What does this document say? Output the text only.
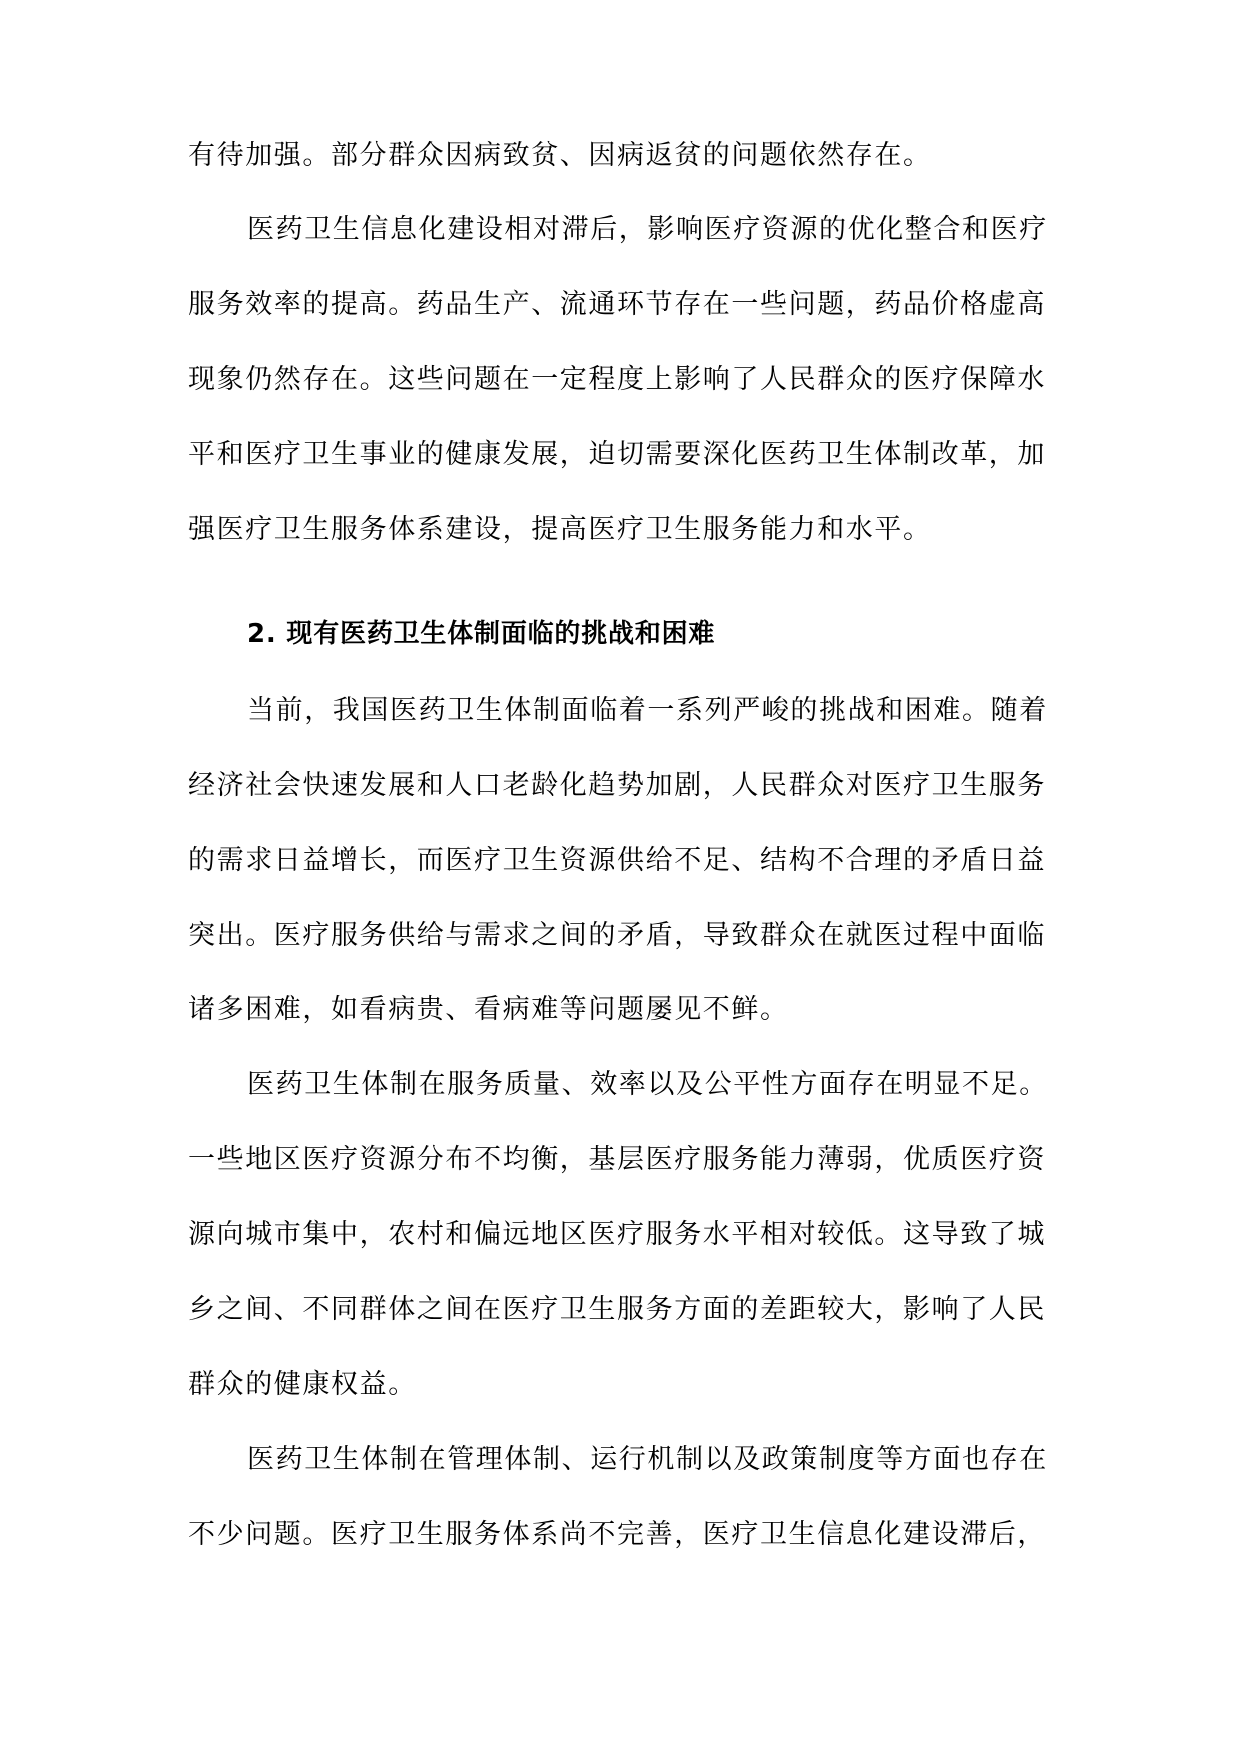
有待加强。部分群众因病致贫、因病返贫的问题依然存在。
医药卫生信息化建设相对滞后，影响医疗资源的优化整合和医疗
服务效率的提高。药品生产、流通环节存在一些问题，药品价格虚高
现象仍然存在。这些问题在一定程度上影响了人民群众的医疗保障水
平和医疗卫生事业的健康发展，迫切需要深化医药卫生体制改革，加
强医疗卫生服务体系建设，提高医疗卫生服务能力和水平。
2. 现有医药卫生体制面临的挑战和困难
当前，我国医药卫生体制面临着一系列严峻的挑战和困难。随着
经济社会快速发展和人口老龄化趋势加剧，人民群众对医疗卫生服务
的需求日益增长，而医疗卫生资源供给不足、结构不合理的矛盾日益
突出。医疗服务供给与需求之间的矛盾，导致群众在就医过程中面临
诸多困难，如看病贵、看病难等问题屡见不鲜。
医药卫生体制在服务质量、效率以及公平性方面存在明显不足。
一些地区医疗资源分布不均衡，基层医疗服务能力薄弱，优质医疗资
源向城市集中，农村和偏远地区医疗服务水平相对较低。这导致了城
乡之间、不同群体之间在医疗卫生服务方面的差距较大，影响了人民
群众的健康权益。
医药卫生体制在管理体制、运行机制以及政策制度等方面也存在
不少问题。医疗卫生服务体系尚不完善，医疗卫生信息化建设滞后，
